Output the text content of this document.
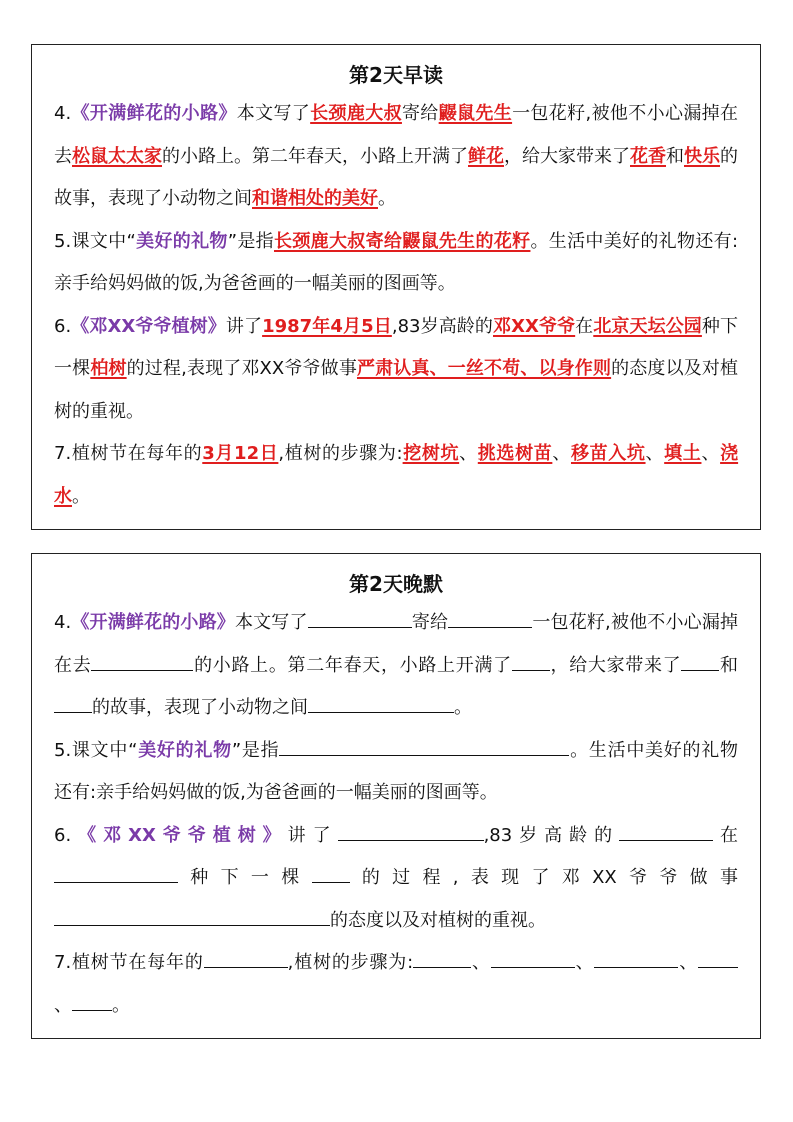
第2天早读

4.《开满鲜花的小路》本文写了长颈鹿大叔寄给鼹鼠先生一包花籽,被他不小心漏掉在去松鼠太太家的小路上。第二年春天，小路上开满了鲜花，给大家带来了花香和快乐的故事，表现了小动物之间和谐相处的美好。

5.课文中“美好的礼物”是指长颈鹿大叔寄给鼹鼠先生的花籽。生活中美好的礼物还有:亲手给妈妈做的饭,为爸爸画的一幅美丽的图画等。

6.《邓XX爷爷植树》讲了1987年4月5日,83岁高龄的邓XX爷爷在北京天坛公园种下一棵柏树的过程,表现了邓XX爷爷做事严肃认真、一丝不苟、以身作则的态度以及对植树的重视。

7.植树节在每年的3月12日,植树的步骤为:挖树坑、挑选树苗、移苗入坑、填土、浇水。

第2天晚默

4.《开满鲜花的小路》本文写了	寄给	一包花籽,被他不小心漏掉在去	的小路上。第二年春天，小路上开满了 ，给大家带来了 和的故事，表现了小动物之间	。

5.课文中“美好的礼物”是指	。生活中美好的礼物还有:亲手给妈妈做的饭,为爸爸画的一幅美丽的图画等。

6.《邓XX爷爷植树》讲了	,83岁高龄的	在种下一棵 的过程,表现了邓XX爷爷做事的态度以及对植树的重视。

7.植树节在每年的	,植树的步骤为:	、	、	、、 。
